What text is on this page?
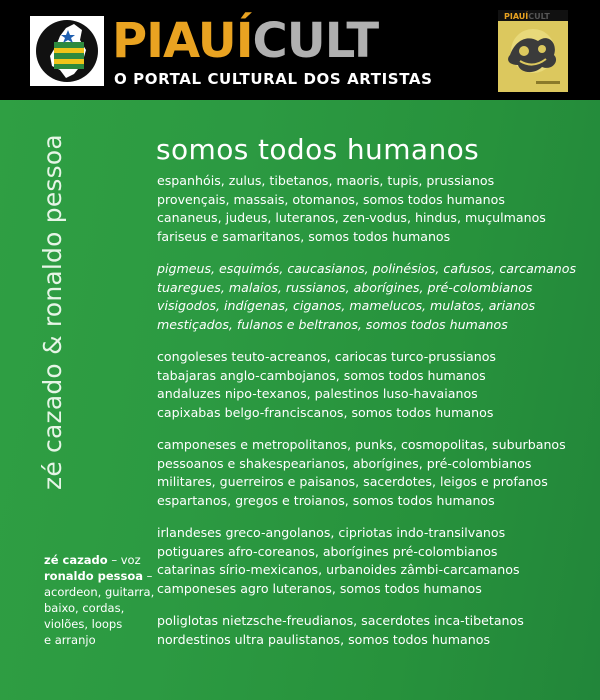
PIAUÍCULT
O PORTAL CULTURAL DOS ARTISTAS
PIAUÍCULT
zé cazado & ronaldo pessoa
zé cazado – voz
ronaldo pessoa –
acordeon, guitarra,
baixo, cordas,
violões, loops
e arranjo
somos todos humanos
espanhóis, zulus, tibetanos, maoris, tupis, prussianos
provençais, massais, otomanos, somos todos humanos
cananeus, judeus, luteranos, zen-vodus, hindus, muçulmanos
fariseus e samaritanos, somos todos humanos
pigmeus, esquimós, caucasianos, polinésios, cafusos, carcamanos
tuaregues, malaios, russianos, aborígines, pré-colombianos
visigodos, indígenas, ciganos, mamelucos, mulatos, arianos
mestiçados, fulanos e beltranos, somos todos humanos
congoleses teuto-acreanos, cariocas turco-prussianos
tabajaras anglo-cambojanos, somos todos humanos
andaluzes nipo-texanos, palestinos luso-havaianos
capixabas belgo-franciscanos, somos todos humanos
camponeses e metropolitanos, punks, cosmopolitas, suburbanos
pessoanos e shakespearianos, aborígines, pré-colombianos
militares, guerreiros e paisanos, sacerdotes, leigos e profanos
espartanos, gregos e troianos, somos todos humanos
irlandeses greco-angolanos, cipriotas indo-transilvanos
potiguares afro-coreanos, aborígines pré-colombianos
catarinas sírio-mexicanos, urbanoides zâmbi-carcamanos
camponeses agro luteranos, somos todos humanos
poliglotas nietzsche-freudianos, sacerdotes inca-tibetanos
nordestinos ultra paulistanos, somos todos humanos
